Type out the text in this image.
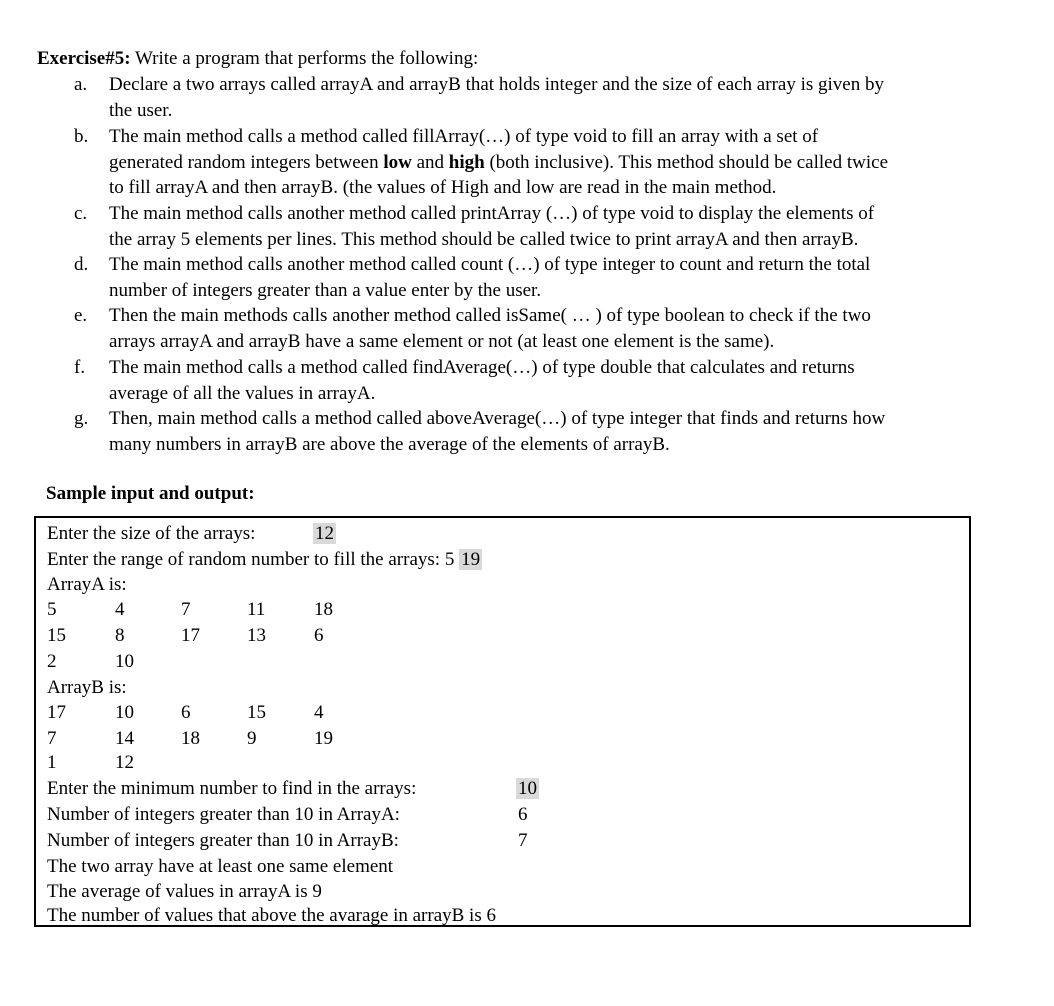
Exercise#5: Write a program that performs the following:
a.	Declare a two arrays called arrayA and arrayB that holds integer and the size of each array is given by
the user.
b.	The main method calls a method called fillArray(…) of type void to fill an array with a set of
generated random integers between low and high (both inclusive). This method should be called twice
to fill arrayA and then arrayB. (the values of High and low are read in the main method.
c.	The main method calls another method called printArray (…) of type void to display the elements of
the array 5 elements per lines. This method should be called twice to print arrayA and then arrayB.
d.	The main method calls another method called count (…) of type integer to count and return the total
number of integers greater than a value enter by the user.
e.	Then the main methods calls another method called isSame( … ) of type boolean to check if the two
arrays arrayA and arrayB have a same element or not (at least one element is the same).
f.	The main method calls a method called findAverage(…) of type double that calculates and returns
average of all the values in arrayA.
g.	Then, main method calls a method called aboveAverage(…) of type integer that finds and returns how
many numbers in arrayB are above the average of the elements of arrayB.
Sample input and output:
Enter the size of the arrays:	12
Enter the range of random number to fill the arrays: 5 19
ArrayA is:
5	4	7	11	18
15	8	17 13	6
2	10
ArrayB is:
17	10 6	15	4
7	14 18 9	19
1	12
Enter the minimum number to find in the arrays:	10
Number of integers greater than 10 in ArrayA:	6
Number of integers greater than 10 in ArrayB:	7
The two array have at least one same element
The average of values in arrayA is 9
The number of values that above the avarage in arrayB is 6
